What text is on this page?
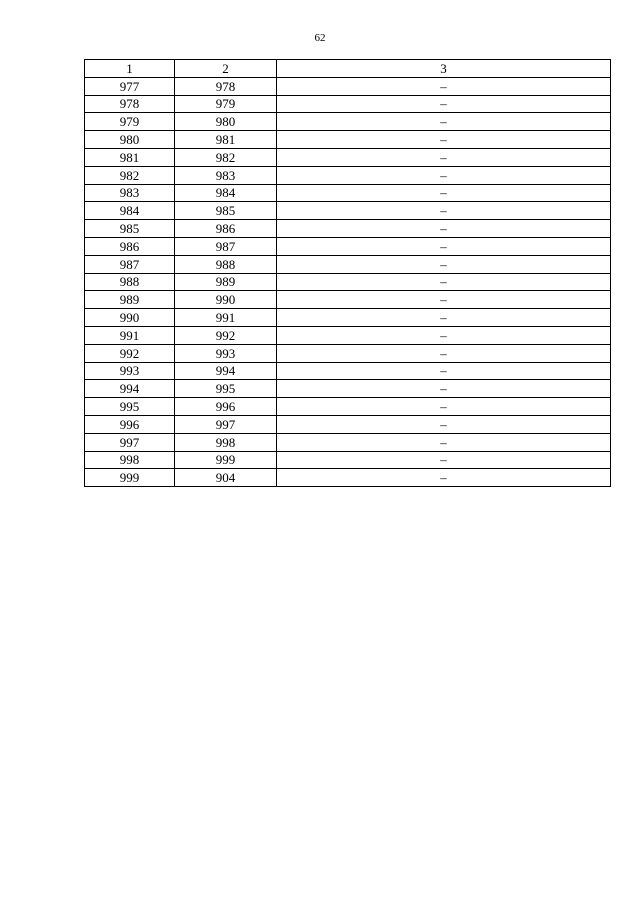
62
1	2	3
977	978	–
978	979	–
979	980	–
980	981	–
981	982	–
982	983	–
983	984	–
984	985	–
985	986	–
986	987	–
987	988	–
988	989	–
989	990	–
990	991	–
991	992	–
992	993	–
993	994	–
994	995	–
995	996	–
996	997	–
997	998	–
998	999	–
999	904	–
